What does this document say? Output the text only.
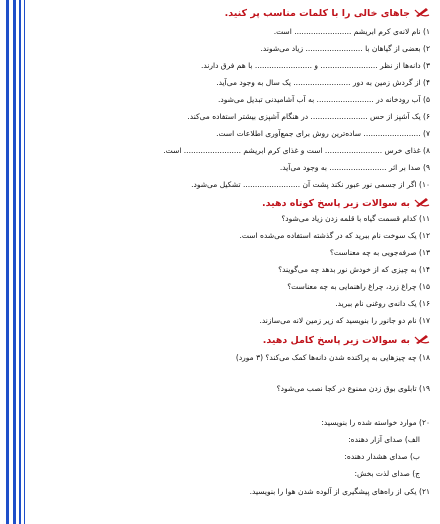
جاهای خالی را با کلمات مناسب پر کنید.
۱) نام لانه‌ی کرم ابریشم ........................ است.
۲) بعضی از گیاهان با ........................ زیاد می‌شوند.
۳) دانه‌ها از نظر ........................ و ........................ با هم فرق دارند.
۴) از گردش زمین به دور ........................ یک سال به وجود می‌آید.
۵) آب رودخانه در ........................ به آب آشامیدنی تبدیل می‌شود.
۶) یک آشپز از حس ........................ در هنگام آشپزی بیشتر استفاده می‌کند.
۷) ........................ ساده‌ترین روش برای جمع‌آوری اطلاعات است.
۸) غذای خرس ........................ است و غذای کرم ابریشم ........................ است.
۹) صدا بر اثر ........................ به وجود می‌آید.
۱۰) اگر از جسمی نور عبور نکند پشت آن ........................ تشکیل می‌شود.
به سوالات زیر پاسخ کوتاه دهید.
۱۱) کدام قسمت گیاه با قلمه زدن زیاد می‌شود؟
۱۲) یک سوخت نام ببرید که در گذشته استفاده می‌شده است.
۱۳) صرفه‌جویی به چه معناست؟
۱۴) به چیزی که از خودش نور بدهد چه می‌گویند؟
۱۵) چراغ زرد، چراغ راهنمایی به چه معناست؟
۱۶) یک دانه‌ی روغنی نام ببرید.
۱۷) نام دو جانور را بنویسید که زیر زمین لانه می‌سازند.
به سوالات زیر پاسخ کامل دهید.
۱۸) چه چیزهایی به پراکنده شدن دانه‌ها کمک می‌کند؟ (۳ مورد)
۱۹) تابلوی بوق زدن ممنوع در کجا نصب می‌شود؟
۲۰) موارد خواسته شده را بنویسید:
الف) صدای آزار دهنده:
ب) صدای هشدار دهنده:
ج) صدای لذت بخش:
۲۱) یکی از راه‌های پیشگیری از آلوده شدن هوا را بنویسید.
